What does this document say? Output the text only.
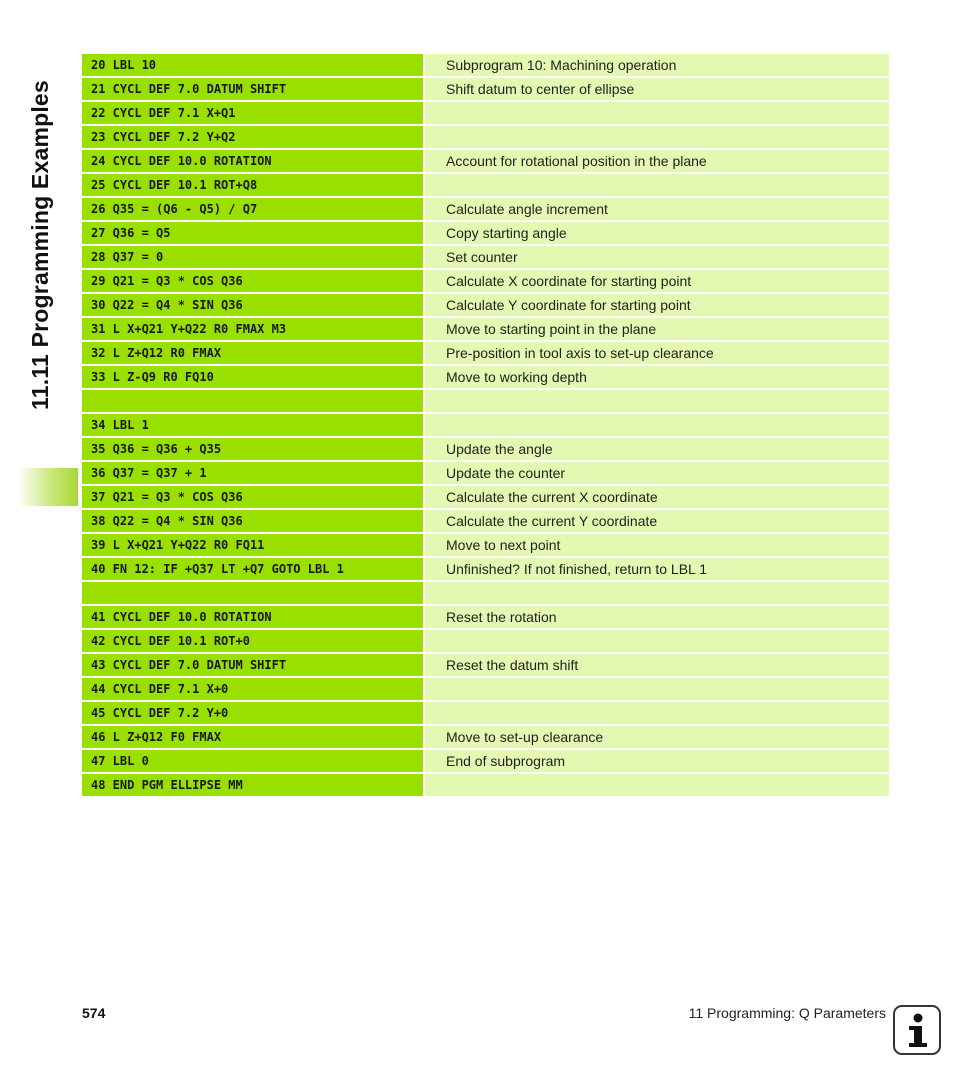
11.11 Programming Examples
20 LBL 10	Subprogram 10: Machining operation
21 CYCL DEF 7.0 DATUM SHIFT	Shift datum to center of ellipse
22 CYCL DEF 7.1 X+Q1
23 CYCL DEF 7.2 Y+Q2
24 CYCL DEF 10.0 ROTATION	Account for rotational position in the plane
25 CYCL DEF 10.1 ROT+Q8
26 Q35 = (Q6 - Q5) / Q7	Calculate angle increment
27 Q36 = Q5	Copy starting angle
28 Q37 = 0	Set counter
29 Q21 = Q3 * COS Q36	Calculate X coordinate for starting point
30 Q22 = Q4 * SIN Q36	Calculate Y coordinate for starting point
31 L X+Q21 Y+Q22 R0 FMAX M3	Move to starting point in the plane
32 L Z+Q12 R0 FMAX	Pre-position in tool axis to set-up clearance
33 L Z-Q9 R0 FQ10	Move to working depth
34 LBL 1
35 Q36 = Q36 + Q35	Update the angle
36 Q37 = Q37 + 1	Update the counter
37 Q21 = Q3 * COS Q36	Calculate the current X coordinate
38 Q22 = Q4 * SIN Q36	Calculate the current Y coordinate
39 L X+Q21 Y+Q22 R0 FQ11	Move to next point
40 FN 12: IF +Q37 LT +Q7 GOTO LBL 1	Unfinished? If not finished, return to LBL 1
41 CYCL DEF 10.0 ROTATION	Reset the rotation
42 CYCL DEF 10.1 ROT+0
43 CYCL DEF 7.0 DATUM SHIFT	Reset the datum shift
44 CYCL DEF 7.1 X+0
45 CYCL DEF 7.2 Y+0
46 L Z+Q12 F0 FMAX	Move to set-up clearance
47 LBL 0	End of subprogram
48 END PGM ELLIPSE MM
574	11 Programming: Q Parameters
